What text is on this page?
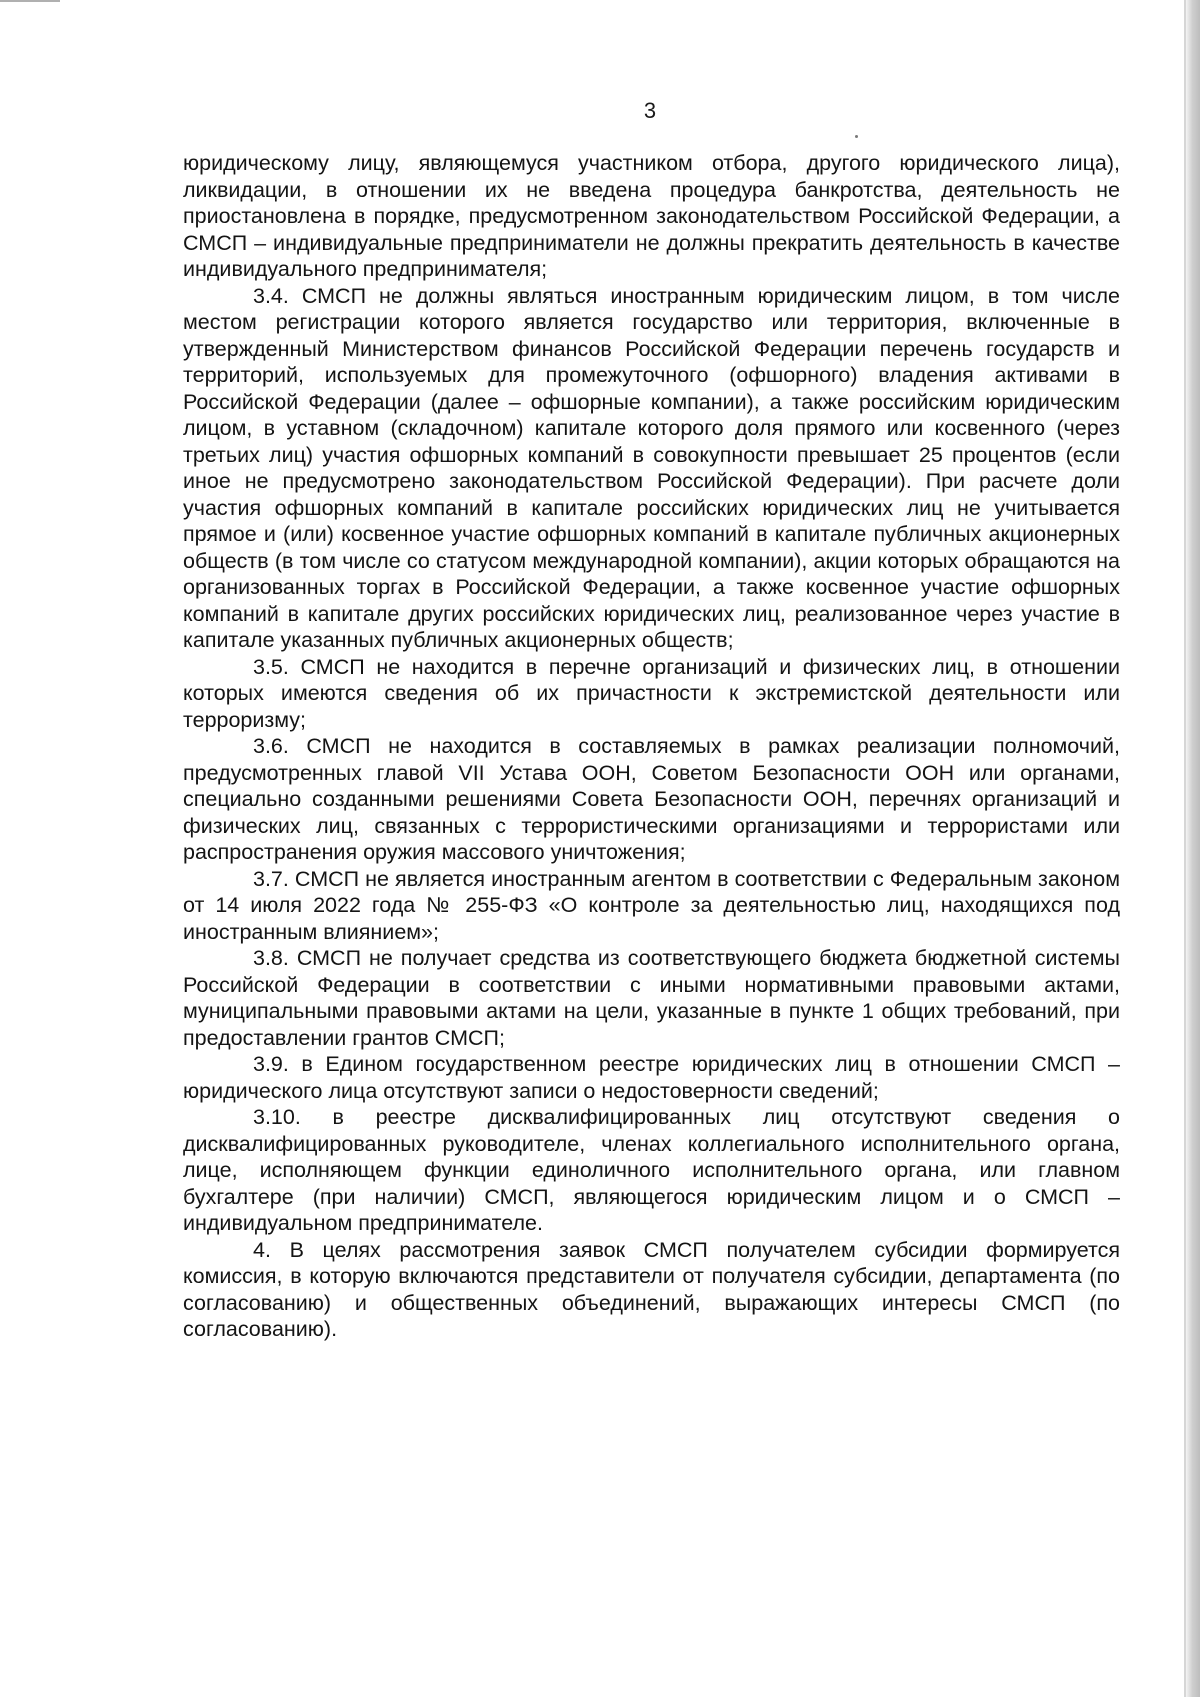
3

юридическому лицу, являющемуся участником отбора, другого юридического лица), ликвидации, в отношении их не введена процедура банкротства, деятельность не приостановлена в порядке, предусмотренном законодательством Российской Федерации, а СМСП – индивидуальные предприниматели не должны прекратить деятельность в качестве индивидуального предпринимателя;

3.4. СМСП не должны являться иностранным юридическим лицом, в том числе местом регистрации которого является государство или территория, включенные в утвержденный Министерством финансов Российской Федерации перечень государств и территорий, используемых для промежуточного (офшорного) владения активами в Российской Федерации (далее – офшорные компании), а также российским юридическим лицом, в уставном (складочном) капитале которого доля прямого или косвенного (через третьих лиц) участия офшорных компаний в совокупности превышает 25 процентов (если иное не предусмотрено законодательством Российской Федерации). При расчете доли участия офшорных компаний в капитале российских юридических лиц не учитывается прямое и (или) косвенное участие офшорных компаний в капитале публичных акционерных обществ (в том числе со статусом международной компании), акции которых обращаются на организованных торгах в Российской Федерации, а также косвенное участие офшорных компаний в капитале других российских юридических лиц, реализованное через участие в капитале указанных публичных акционерных обществ;

3.5. СМСП не находится в перечне организаций и физических лиц, в отношении которых имеются сведения об их причастности к экстремистской деятельности или терроризму;

3.6. СМСП не находится в составляемых в рамках реализации полномочий, предусмотренных главой VII Устава ООН, Советом Безопасности ООН или органами, специально созданными решениями Совета Безопасности ООН, перечнях организаций и физических лиц, связанных с террористическими организациями и террористами или распространения оружия массового уничтожения;

3.7. СМСП не является иностранным агентом в соответствии с Федеральным законом от 14 июля 2022 года № 255-ФЗ «О контроле за деятельностью лиц, находящихся под иностранным влиянием»;

3.8. СМСП не получает средства из соответствующего бюджета бюджетной системы Российской Федерации в соответствии с иными нормативными правовыми актами, муниципальными правовыми актами на цели, указанные в пункте 1 общих требований, при предоставлении грантов СМСП;

3.9. в Едином государственном реестре юридических лиц в отношении СМСП – юридического лица отсутствуют записи о недостоверности сведений;

3.10. в реестре дисквалифицированных лиц отсутствуют сведения о дисквалифицированных руководителе, членах коллегиального исполнительного органа, лице, исполняющем функции единоличного исполнительного органа, или главном бухгалтере (при наличии) СМСП, являющегося юридическим лицом и о СМСП – индивидуальном предпринимателе.

4. В целях рассмотрения заявок СМСП получателем субсидии формируется комиссия, в которую включаются представители от получателя субсидии, департамента (по согласованию) и общественных объединений, выражающих интересы СМСП (по согласованию).
